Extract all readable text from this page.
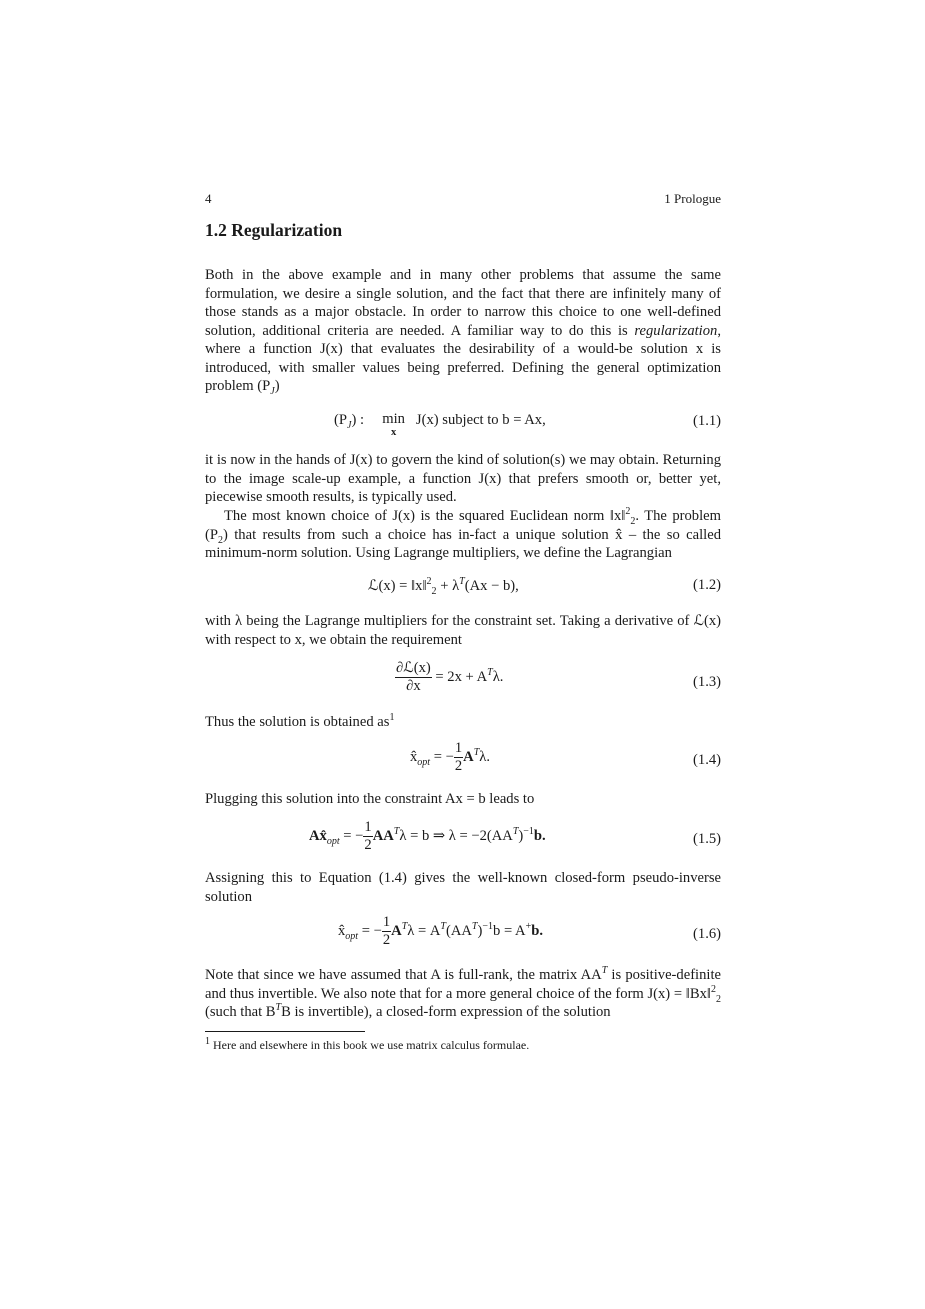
4	1 Prologue
1.2 Regularization

Both in the above example and in many other problems that assume the same formulation, we desire a single solution, and the fact that there are infinitely many of those stands as a major obstacle. In order to narrow this choice to one well-defined solution, additional criteria are needed. A familiar way to do this is regularization, where a function J(x) that evaluates the desirability of a would-be solution x is introduced, with smaller values being preferred. Defining the general optimization problem $(P_J)$

$(P_J)$ : min
x
J(x) subject to b = Ax,	(1.1)

it is now in the hands of J(x) to govern the kind of solution(s) we may obtain. Returning to the image scale-up example, a function J(x) that prefers smooth or, better yet, piecewise smooth results, is typically used.

The most known choice of J(x) is the squared Euclidean norm ‖x‖$^2_2$. The problem $(P_2)$ that results from such a choice has in-fact a unique solution x̂ – the so called minimum-norm solution. Using Lagrange multipliers, we define the Lagrangian

ℒ(x) = ‖x‖$^2_2$ + $\lambda^T(Ax - b)$,	(1.2)

with λ being the Lagrange multipliers for the constraint set. Taking a derivative of ℒ(x) with respect to x, we obtain the requirement

$\frac{\text{∂ℒ(x)}}{\partial x} = 2x + A^T\lambda$.	(1.3)

Thus the solution is obtained $as^1$

$x̂_{opt}$ = − $\frac{1}{2} A^T\lambda$.	(1.4)

Plugging this solution into the constraint Ax = b leads to

$Ax̂_{opt}$ = − $\frac{1}{2} AA^T\lambda = b$ ⇒ $\lambda = -2(AA^T)^{-1}b$.	(1.5)

Assigning this to Equation (1.4) gives the well-known closed-form pseudo-inverse solution

$x̂_{opt}$ = − $\frac{1}{2} A^T\lambda = A^T(AA^T)^{-1}b = A^+b$.	(1.6)

Note that since we have assumed that A is full-rank, the matrix $AA^T$ is positive-definite and thus invertible. We also note that for a more general choice of the form J(x) = ‖Bx‖$^2_2$ (such that $B^TB$ is invertible), a closed-form expression of the solution

$^1$ Here and elsewhere in this book we use matrix calculus formulae.
